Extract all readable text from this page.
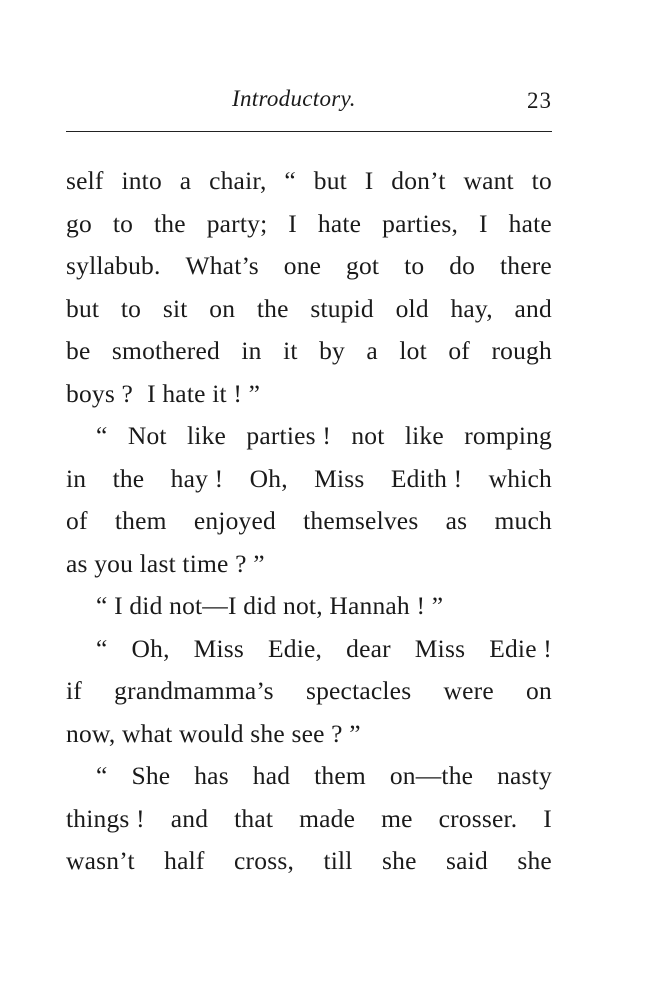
Introductory.	23
self into a chair, “ but I don’t want to
go to the party; I hate parties, I hate
syllabub. What’s one got to do there
but to sit on the stupid old hay, and
be smothered in it by a lot of rough
boys ? I hate it ! ”
“ Not like parties ! not like romping
in the hay ! Oh, Miss Edith ! which
of them enjoyed themselves as much
as you last time ? ”
“ I did not—I did not, Hannah ! ”
“ Oh, Miss Edie, dear Miss Edie !
if grandmamma’s spectacles were on
now, what would she see ? ”
“ She has had them on—the nasty
things ! and that made me crosser. I
wasn’t half cross, till she said she
